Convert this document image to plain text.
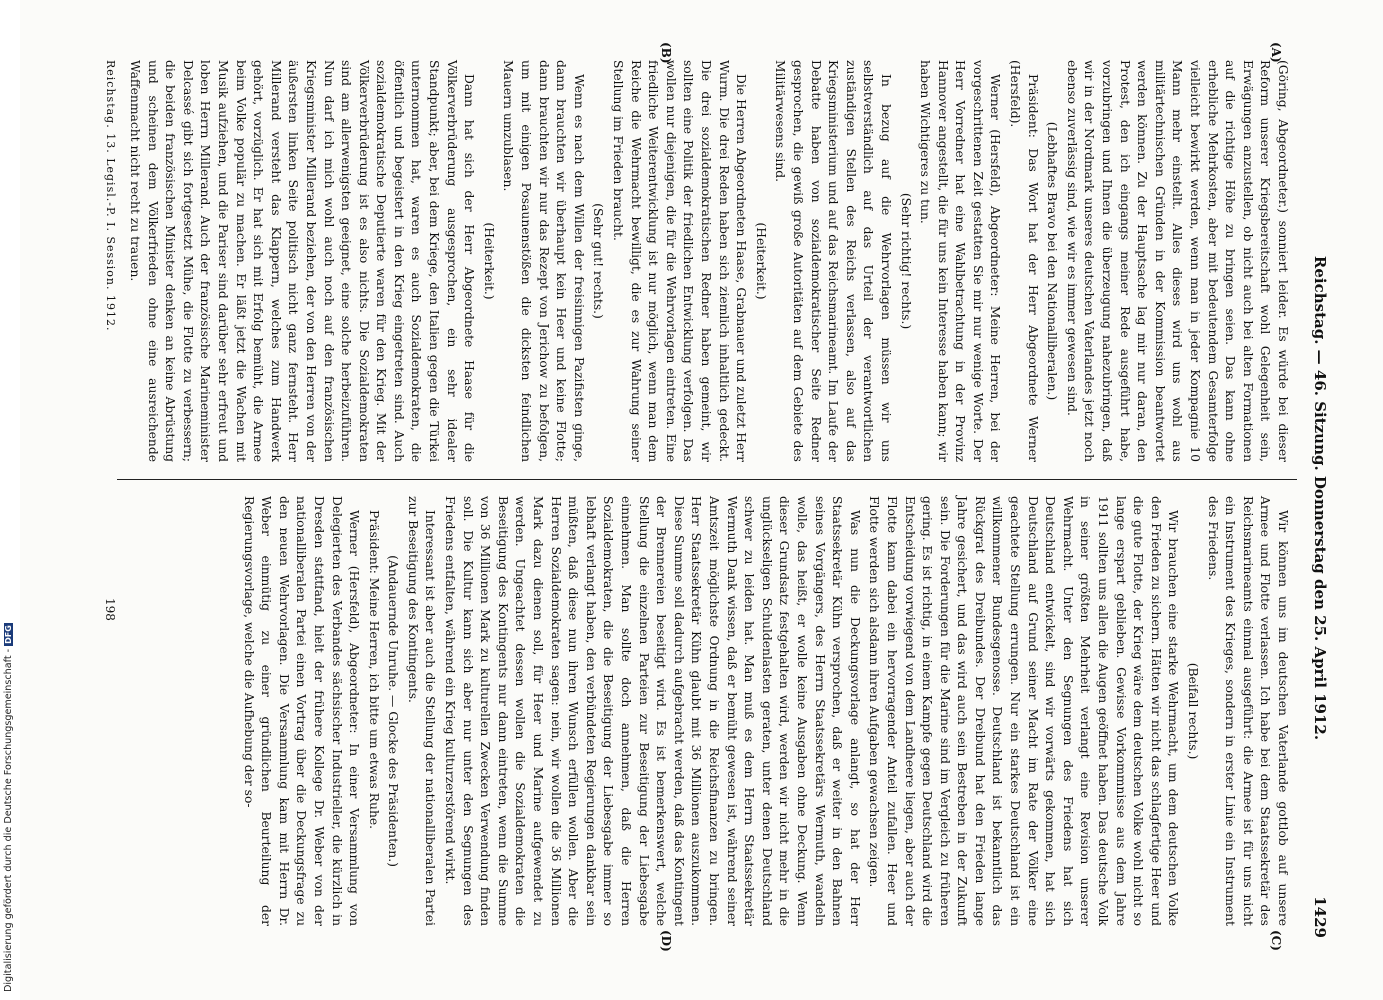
Digitalisierung gefördert durch die Deutsche Forschungsgemeinschaft -DFG	Reichstag. — 46. Sitzung. Donnerstag den 25. April 1912.
1429
(A)
(B)
(C)
(D)

(Göring, Abgeordneter.) sonniert leider. Es würde bei dieser Reform unserer Kriegsbereitschaft wohl Gelegenheit sein, Erwägungen anzustellen, ob nicht auch bei alten Formationen auf die richtige Höhe zu bringen seien. Das kann ohne erhebliche Mehrkosten, aber mit bedeutendem Gesamterfolge vielleicht bewirkt werden, wenn man in jeder Kompagnie 10 Mann mehr einstellt. Alles dieses wird uns wohl aus militärtechnischen Gründen in der Kommission beantwortet werden können. Zu der Hauptsache lag mir nur daran, den Protest, den ich eingangs meiner Rede ausgeführt habe, vorzubringen und Ihnen die überzeugung nahezubringen, daß wir in der Nordmark unseres deutschen Vaterlandes jetzt noch ebenso zuverlässig sind, wie wir es immer gewesen sind.

(Lebhaftes Bravo bei den Nationalliberalen.)

Präsident: Das Wort hat der Herr Abgeordnete Werner (Hersfeld).

Werner (Hersfeld), Abgeordneter: Meine Herren, bei der vorgeschrittenen Zeit gestatten Sie mir nur wenige Worte. Der Herr Vorredner hat eine Wahlbetrachtung in der Provinz Hannover angestellt, die für uns kein Interesse haben kann; wir haben Wichtigeres zu tun.

(Sehr richtig! rechts.)

In bezug auf die Wehrvorlagen müssen wir uns selbstverständlich auf das Urteil der verantwortlichen zuständigen Stellen des Reichs verlassen, also auf das Kriegsministerium und auf das Reichsmarineamt. Im Laufe der Debatte haben von sozialdemokratischer Seite Redner gesprochen, die gewiß große Autoritäten auf dem Gebiete des Militärwesens sind.

(Heiterkeit.)

Die Herren Abgeordneten Haase, Grabnauer und zuletzt Herr Wurm. Die drei Reden haben sich ziemlich inhaltlich gedeckt. Die drei sozialdemokratischen Redner haben gemeint, wir sollten eine Politik der friedlichen Entwicklung verfolgen. Das wollen nur diejenigen, die für die Wehrvorlagen eintreten. Eine friedliche Weiterentwicklung ist nur möglich, wenn man dem Reiche die Wehrmacht bewilligt, die es zur Wahrung seiner Stellung im Frieden braucht.

(Sehr gut! rechts.)

Wenn es nach dem Willen der freisinnigen Pazifisten ginge, dann brauchten wir überhaupt kein Heer und keine Flotte; dann brauchten wir nur das Rezept von Jerichow zu befolgen, um mit einigen Posaunenstößen die dicksten feindlichen Mauern umzublasen.

(Heiterkeit.)

Dann hat sich der Herr Abgeordnete Haase für die Völkerverbrüderung ausgesprochen, ein sehr idealer Standpunkt; aber, bei dem Kriege, den Italien gegen die Türkei unternommen hat, waren es auch Sozialdemokraten, die öffentlich und begeistert in den Krieg eingetreten sind. Auch sozialdemokratische Deputierte waren für den Krieg. Mit der Völkerverbrüderung ist es also nichts. Die Sozialdemokraten sind am allerwenigsten geeignet, eine solche herbeizuführen. Nun darf ich mich wohl auch noch auf den französischen Kriegsminister Millerand beziehen, der von den Herren von der äußersten linken Seite politisch nicht ganz fernsteht. Herr Millerand versteht das Klappern, welches zum Handwerk gehört, vorzüglich. Er hat sich mit Erfolg bemüht, die Armee beim Volke populär zu machen. Er läßt jetzt die Wachen mit Musik aufziehen, und die Pariser sind darüber sehr erfreut und loben Herrn Millerand. Auch der französische Marineminister Delcassé gibt sich fortgesetzt Mühe, die Flotte zu verbessern; die beiden französischen Minister denken an keine Abrüstung und scheinen dem Völkerfrieden ohne eine ausreichende Waffenmacht nicht recht zu trauen.

Wir können uns im deutschen Vaterlande gottlob auf unsere Armee und Flotte verlassen. Ich habe bei dem Staatssekretär des Reichsmarineamts einmal ausgeführt: die Armee ist für uns nicht ein Instrument des Krieges, sondern in erster Linie ein Instrument des Friedens.

(Beifall rechts.)

Wir brauchen eine starke Wehrmacht, um dem deutschen Volke den Frieden zu sichern. Hätten wir nicht das schlagfertige Heer und die gute Flotte, der Krieg wäre dem deutschen Volke wohl nicht so lange erspart geblieben. Gewisse Vorkommnisse aus dem Jahre 1911 sollten uns allen die Augen geöffnet haben. Das deutsche Volk in seiner größten Mehrheit verlangt eine Revision unserer Wehrmacht. Unter den Segnungen des Friedens hat sich Deutschland entwickelt, sind wir vorwärts gekommen, hat sich Deutschland auf Grund seiner Macht im Rate der Völker eine geachtete Stellung errungen. Nur ein starkes Deutschland ist ein willkommener Bundesgenosse. Deutschland ist bekanntlich das Rückgrat des Dreibundes. Der Dreibund hat den Frieden lange Jahre gesichert, und das wird auch sein Bestreben in der Zukunft sein. Die Forderungen für die Marine sind im Vergleich zu früheren gering. Es ist richtig, in einem Kampfe gegen Deutschland wird die Entscheidung vorwiegend von dem Landheere liegen, aber auch der Flotte kann dabei ein hervorragender Anteil zufallen. Heer und Flotte werden sich alsdann ihren Aufgaben gewachsen zeigen.

Was nun die Deckungsvorlage anlangt, so hat der Herr Staatssekretär Kühn versprochen, daß er weiter in den Bahnen seines Vorgängers, des Herrn Staatssekretärs Wermuth, wandeln wolle, das heißt, er wolle keine Ausgaben ohne Deckung. Wenn dieser Grundsatz festgehalten wird, werden wir nicht mehr in die unglückseligen Schuldenlasten geraten, unter denen Deutschland schwer zu leiden hat. Man muß es dem Herrn Staatssekretär Wermuth Dank wissen, daß er bemüht gewesen ist, während seiner Amtszeit möglichste Ordnung in die Reichsfinanzen zu bringen. Herr Staatssekretär Kühn glaubt mit 36 Millionen auszukommen. Diese Summe soll dadurch aufgebracht werden, daß das Kontingent der Brennereien beseitigt wird. Es ist bemerkenswert, welche Stellung die einzelnen Parteien zur Beseitigung der Liebesgabe einnehmen. Man sollte doch annehmen, daß die Herren Sozialdemokraten, die die Beseitigung der Liebesgabe immer so lebhaft verlangt haben, den verbündeten Regierungen dankbar sein müßten, daß diese nun ihren Wunsch erfüllen wollen. Aber die Herren Sozialdemokraten sagen: nein, wir wollen die 36 Millionen Mark dazu dienen soll, für Heer und Marine aufgewendet zu werden. Ungeachtet dessen wollen die Sozialdemokraten die Beseitigung des Kontingents nur dann eintreten, wenn die Summe von 36 Millionen Mark zu kulturellen Zwecken Verwendung finden soll. Die Kultur kann sich aber nur unter den Segnungen des Friedens entfalten, während ein Krieg kulturzerstörend wirkt.

Interessant ist aber auch die Stellung der nationalliberalen Partei zur Beseitigung des Kontingents.

(Andauernde Unruhe. — Glocke des Präsidenten.)

Präsident: Meine Herren, ich bitte um etwas Ruhe.

Werner (Hersfeld), Abgeordneter: In einer Versammlung von Delegierten des Verbandes sächsischer Industrieller, die kürzlich in Dresden stattfand, hielt der frühere Kollege Dr. Weber von der nationalliberalen Partei einen Vortrag über die Deckungsfrage zu den neuen Wehrvorlagen. Die Versammlung kam mit Herrn Dr. Weber einmütig zu einer gründlichen Beurteilung der Regierungsvorlage, welche die Aufhebung der so-

Reichstag. 13. Legisl.-P. I. Session. 1912.
198
